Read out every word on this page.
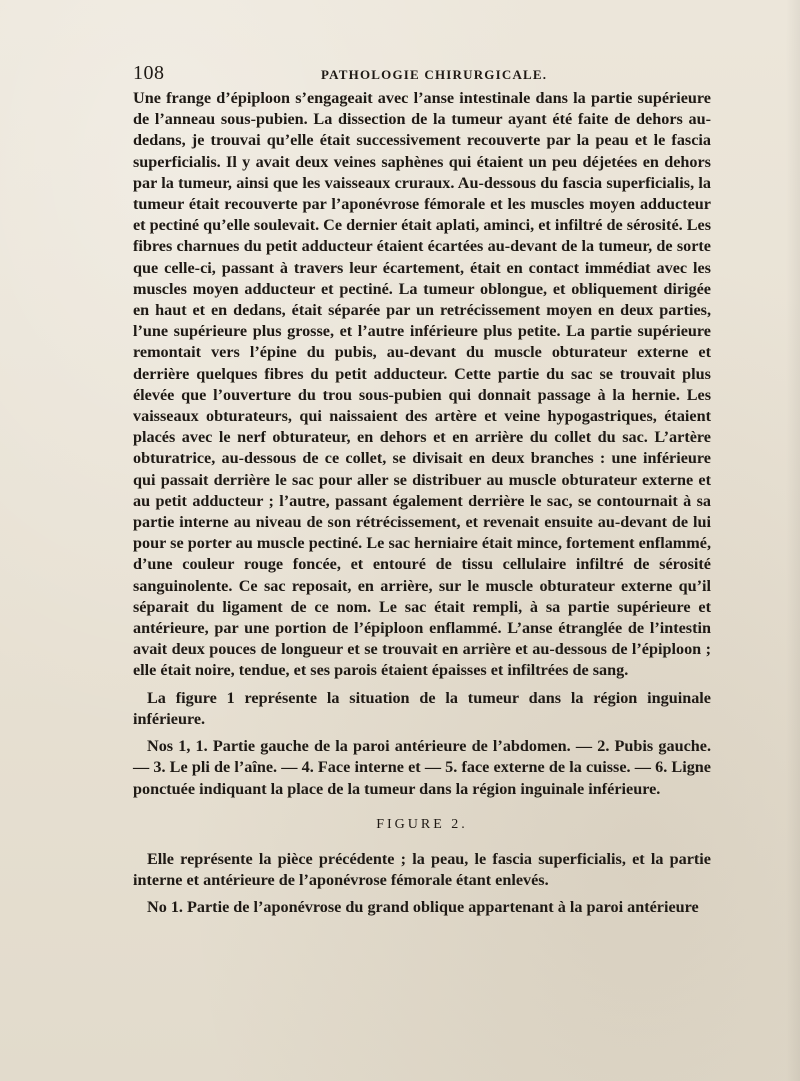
108	PATHOLOGIE CHIRURGICALE.

Une frange d’épiploon s’engageait avec l’anse intestinale dans la partie supérieure de l’anneau sous-pubien. La dissection de la tumeur ayant été faite de dehors au-dedans, je trouvai qu’elle était successivement recouverte par la peau et le fascia superficialis. Il y avait deux veines saphènes qui étaient un peu déjetées en dehors par la tumeur, ainsi que les vaisseaux cruraux. Au-dessous du fascia superficialis, la tumeur était recouverte par l’aponévrose fémorale et les muscles moyen adducteur et pectiné qu’elle soulevait. Ce dernier était aplati, aminci, et infiltré de sérosité. Les fibres charnues du petit adducteur étaient écartées au-devant de la tumeur, de sorte que celle-ci, passant à travers leur écartement, était en contact immédiat avec les muscles moyen adducteur et pectiné. La tumeur oblongue, et obliquement dirigée en haut et en dedans, était séparée par un retrécissement moyen en deux parties, l’une supérieure plus grosse, et l’autre inférieure plus petite. La partie supérieure remontait vers l’épine du pubis, au-devant du muscle obturateur externe et derrière quelques fibres du petit adducteur. Cette partie du sac se trouvait plus élevée que l’ouverture du trou sous-pubien qui donnait passage à la hernie. Les vaisseaux obturateurs, qui naissaient des artère et veine hypogastriques, étaient placés avec le nerf obturateur, en dehors et en arrière du collet du sac. L’artère obturatrice, au-dessous de ce collet, se divisait en deux branches : une inférieure qui passait derrière le sac pour aller se distribuer au muscle obturateur externe et au petit adducteur ; l’autre, passant également derrière le sac, se contournait à sa partie interne au niveau de son rétrécissement, et revenait ensuite au-devant de lui pour se porter au muscle pectiné. Le sac herniaire était mince, fortement enflammé, d’une couleur rouge foncée, et entouré de tissu cellulaire infiltré de sérosité sanguinolente. Ce sac reposait, en arrière, sur le muscle obturateur externe qu’il séparait du ligament de ce nom. Le sac était rempli, à sa partie supérieure et antérieure, par une portion de l’épiploon enflammé. L’anse étranglée de l’intestin avait deux pouces de longueur et se trouvait en arrière et au-dessous de l’épiploon ; elle était noire, tendue, et ses parois étaient épaisses et infiltrées de sang.

La figure 1 représente la situation de la tumeur dans la région inguinale inférieure.

Nos 1, 1. Partie gauche de la paroi antérieure de l’abdomen. — 2. Pubis gauche. — 3. Le pli de l’aîne. — 4. Face interne et — 5. face externe de la cuisse. — 6. Ligne ponctuée indiquant la place de la tumeur dans la région inguinale inférieure.

FIGURE 2.

Elle représente la pièce précédente ; la peau, le fascia superficialis, et la partie interne et antérieure de l’aponévrose fémorale étant enlevés.

No 1. Partie de l’aponévrose du grand oblique appartenant à la paroi antérieure
